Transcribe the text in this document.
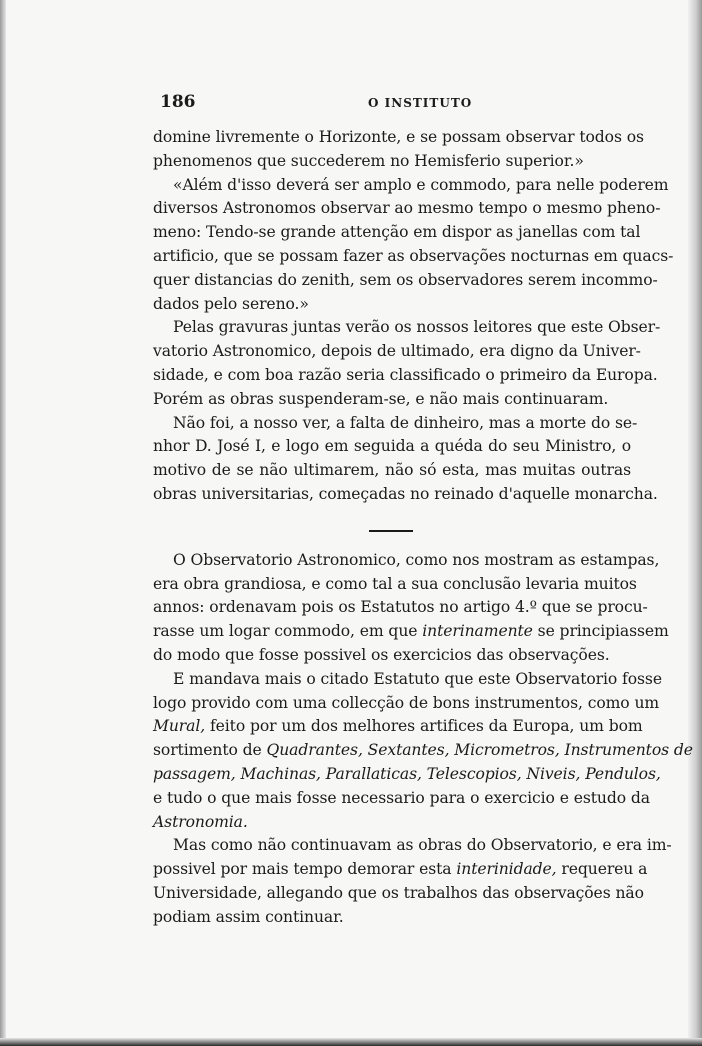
186	O INSTITUTO
domine livremente o Horizonte, e se possam observar todos os
phenomenos que succederem no Hemisferio superior.»
«Além d'isso deverá ser amplo e commodo, para nelle poderem
diversos Astronomos observar ao mesmo tempo o mesmo pheno-
meno: Tendo-se grande attenção em dispor as janellas com tal
artificio, que se possam fazer as observações nocturnas em quacs-
quer distancias do zenith, sem os observadores serem incommo-
dados pelo sereno.»
Pelas gravuras juntas verão os nossos leitores que este Obser-
vatorio Astronomico, depois de ultimado, era digno da Univer-
sidade, e com boa razão seria classificado o primeiro da Europa.
Porém as obras suspenderam-se, e não mais continuaram.
Não foi, a nosso ver, a falta de dinheiro, mas a morte do se-
nhor D. José I, e logo em seguida a quéda do seu Ministro, o
motivo de se não ultimarem, não só esta, mas muitas outras
obras universitarias, começadas no reinado d'aquelle monarcha.
O Observatorio Astronomico, como nos mostram as estampas,
era obra grandiosa, e como tal a sua conclusão levaria muitos
annos: ordenavam pois os Estatutos no artigo 4.º que se procu-
rasse um logar commodo, em que interinamente se principiassem
do modo que fosse possivel os exercicios das observações.
E mandava mais o citado Estatuto que este Observatorio fosse
logo provido com uma collecção de bons instrumentos, como um
Mural, feito por um dos melhores artifices da Europa, um bom
sortimento de Quadrantes, Sextantes, Micrometros, Instrumentos de
passagem, Machinas, Parallaticas, Telescopios, Niveis, Pendulos,
e tudo o que mais fosse necessario para o exercicio e estudo da
Astronomia.
Mas como não continuavam as obras do Observatorio, e era im-
possivel por mais tempo demorar esta interinidade, requereu a
Universidade, allegando que os trabalhos das observações não
podiam assim continuar.
